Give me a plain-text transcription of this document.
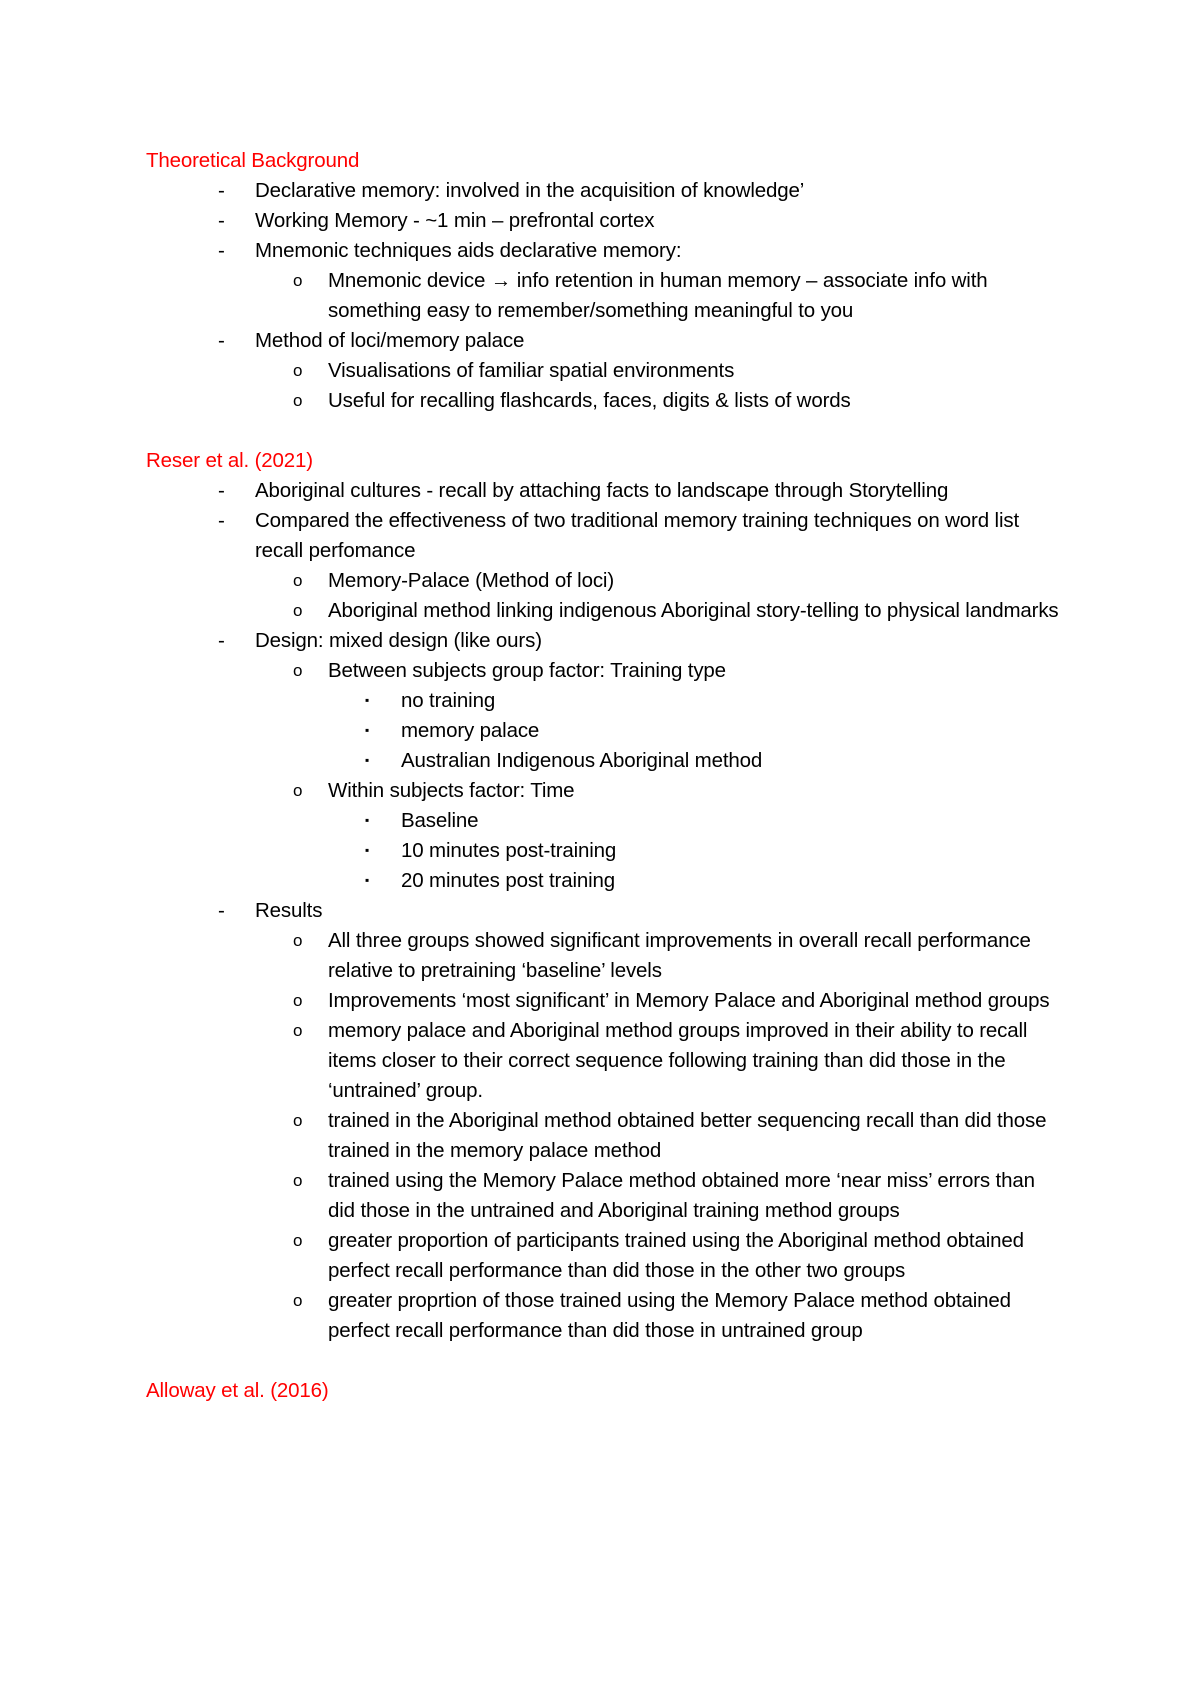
Theoretical Background
-	Declarative memory: involved in the acquisition of knowledge’
-	Working Memory - ~1 min – prefrontal cortex
-	Mnemonic techniques aids declarative memory:
o	Mnemonic device → info retention in human memory – associate info with something easy to remember/something meaningful to you
-	Method of loci/memory palace
o	Visualisations of familiar spatial environments
o	Useful for recalling flashcards, faces, digits & lists of words
Reser et al. (2021)
-	Aboriginal cultures - recall by attaching facts to landscape through Storytelling
-	Compared the effectiveness of two traditional memory training techniques on word list recall perfomance
o	Memory-Palace (Method of loci)
o	Aboriginal method linking indigenous Aboriginal story-telling to physical landmarks
-	Design: mixed design (like ours)
o	Between subjects group factor: Training type
▪	no training
▪	memory palace
▪	Australian Indigenous Aboriginal method
o	Within subjects factor: Time
▪	Baseline
▪	10 minutes post-training
▪	20 minutes post training
-	Results
o	All three groups showed significant improvements in overall recall performance relative to pretraining ‘baseline’ levels
o	Improvements ‘most significant’ in Memory Palace and Aboriginal method groups
o	memory palace and Aboriginal method groups improved in their ability to recall items closer to their correct sequence following training than did those in the ‘untrained’ group.
o	trained in the Aboriginal method obtained better sequencing recall than did those trained in the memory palace method
o	trained using the Memory Palace method obtained more ‘near miss’ errors than did those in the untrained and Aboriginal training method groups
o	greater proportion of participants trained using the Aboriginal method obtained perfect recall performance than did those in the other two groups
o	greater proprtion of those trained using the Memory Palace method obtained perfect recall performance than did those in untrained group
Alloway et al. (2016)
